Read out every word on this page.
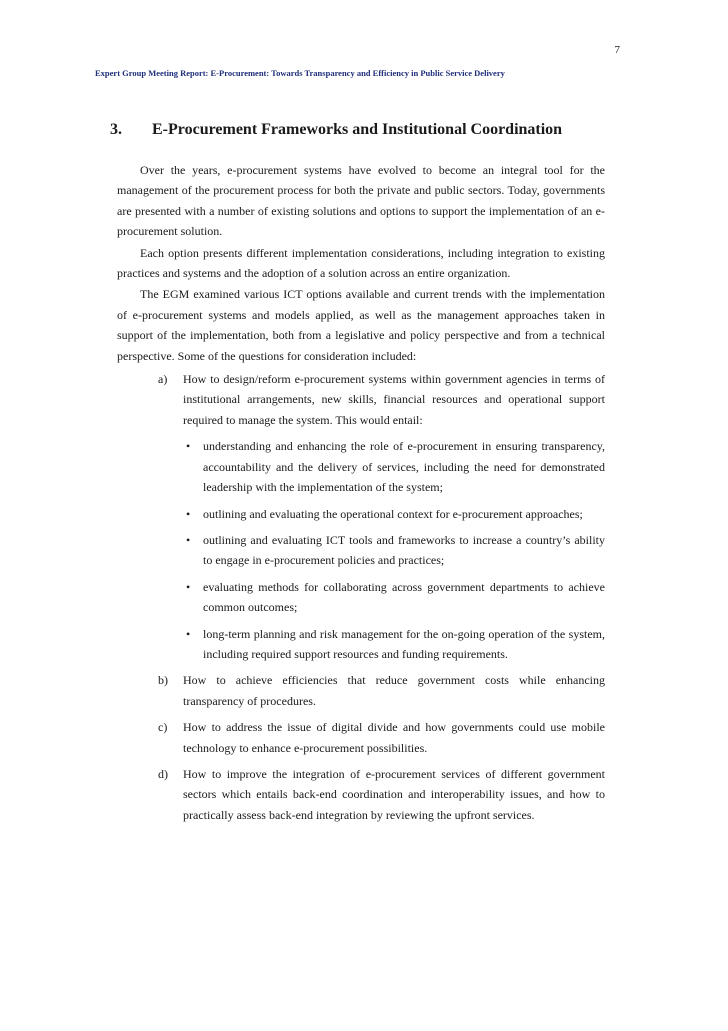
7
Expert Group Meeting Report: E-Procurement: Towards Transparency and Efficiency in Public Service Delivery
3. E-Procurement Frameworks and Institutional Coordination

Over the years, e-procurement systems have evolved to become an integral tool for the management of the procurement process for both the private and public sectors. Today, governments are presented with a number of existing solutions and options to support the implementation of an e-procurement solution.

Each option presents different implementation considerations, including integration to existing practices and systems and the adoption of a solution across an entire organization.

The EGM examined various ICT options available and current trends with the implementation of e-procurement systems and models applied, as well as the management approaches taken in support of the implementation, both from a legislative and policy perspective and from a technical perspective. Some of the questions for consideration included:

a) How to design/reform e-procurement systems within government agencies in terms of institutional arrangements, new skills, financial resources and operational support required to manage the system. This would entail:
• understanding and enhancing the role of e-procurement in ensuring transparency, accountability and the delivery of services, including the need for demonstrated leadership with the implementation of the system;
• outlining and evaluating the operational context for e-procurement approaches;
• outlining and evaluating ICT tools and frameworks to increase a country’s ability to engage in e-procurement policies and practices;
• evaluating methods for collaborating across government departments to achieve common outcomes;
• long-term planning and risk management for the on-going operation of the system, including required support resources and funding requirements.
b) How to achieve efficiencies that reduce government costs while enhancing transparency of procedures.
c) How to address the issue of digital divide and how governments could use mobile technology to enhance e-procurement possibilities.
d) How to improve the integration of e-procurement services of different government sectors which entails back-end coordination and interoperability issues, and how to practically assess back-end integration by reviewing the upfront services.
